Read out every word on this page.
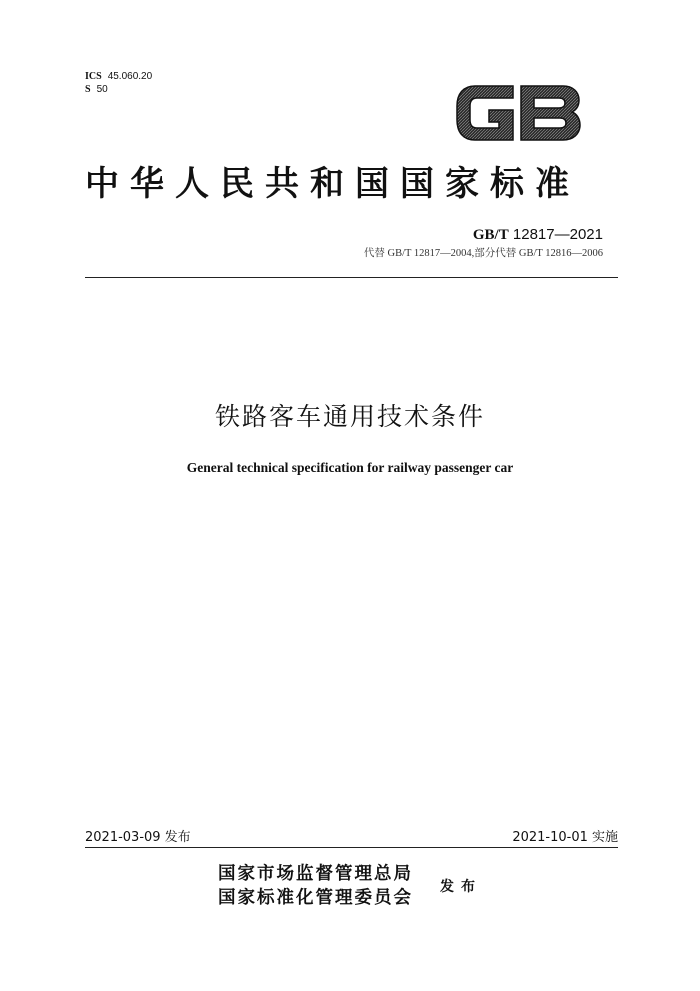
ICS 45.060.20
S 50
GB
中华人民共和国国家标准
GB/T 12817—2021
代替 GB/T 12817—2004,部分代替 GB/T 12816—2006
铁路客车通用技术条件
General technical specification for railway passenger car
2021-03-09 发布	2021-10-01 实施
国家市场监督管理总局
国家标准化管理委员会
发布
